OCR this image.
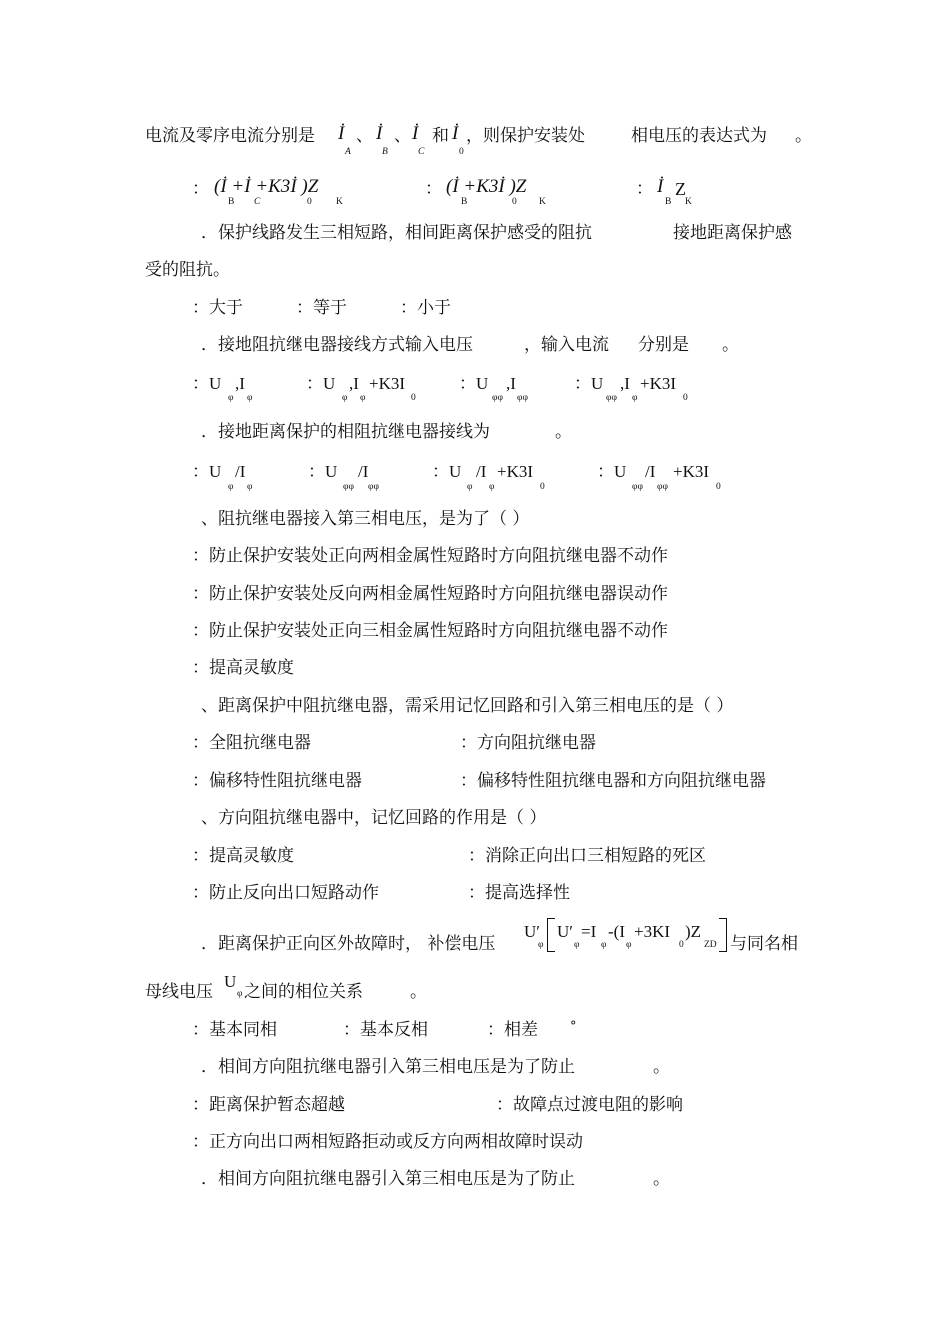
电流及零序电流分别是 İ
A
、 İ
B
、 İ
C
和 İ
0
，则保护安装处	相电压的表达式为 。
： (İ +İ +K3İ )Z
B C	0	K
： (İ +K3İ )Z
B	0 K
： İ Z
B K
．保护线路发生三相短路，相间距离保护感受的阻抗	接地距离保护感
受的阻抗。
：大于	：等于	：小于
．接地阻抗继电器接线方式输入电压	，输入电流 分别是 。
：U
φ
,I
φ
：U
φ
,I
φ
+K3I
0
：U
φφ
,I
φφ
：U
φφ
,I
φ
+K3I
0
．接地距离保护的相阻抗继电器接线为	。
：U
φ
/I
φ
：U
φφ
/I
φφ
：U
φ
/I
φ
+K3I
0
：U
φφ
/I
φφ
+K3I
0
、阻抗继电器接入第三相电压，是为了（ ）
：防止保护安装处正向两相金属性短路时方向阻抗继电器不动作
：防止保护安装处反向两相金属性短路时方向阻抗继电器误动作
：防止保护安装处正向三相金属性短路时方向阻抗继电器不动作
：提高灵敏度
、距离保护中阻抗继电器，需采用记忆回路和引入第三相电压的是（ ）
：全阻抗继电器	：方向阻抗继电器
：偏移特性阻抗继电器	：偏移特性阻抗继电器和方向阻抗继电器
、方向阻抗继电器中，记忆回路的作用是（ ）
：提高灵敏度	：消除正向出口三相短路的死区
：防止反向出口短路动作	：提高选择性
．距离保护正向区外故障时， 补偿电压
U′
φ
U′
φ
=I
φ
-(I
φ
+3KI
0
)Z
ZD 与同名相
母线电压
U
φ 之间的相位关系	。
：基本同相	：基本反相	：相差 °
．相间方向阻抗继电器引入第三相电压是为了防止	。
：距离保护暂态超越	：故障点过渡电阻的影响
：正方向出口两相短路拒动或反方向两相故障时误动
．相间方向阻抗继电器引入第三相电压是为了防止	。
